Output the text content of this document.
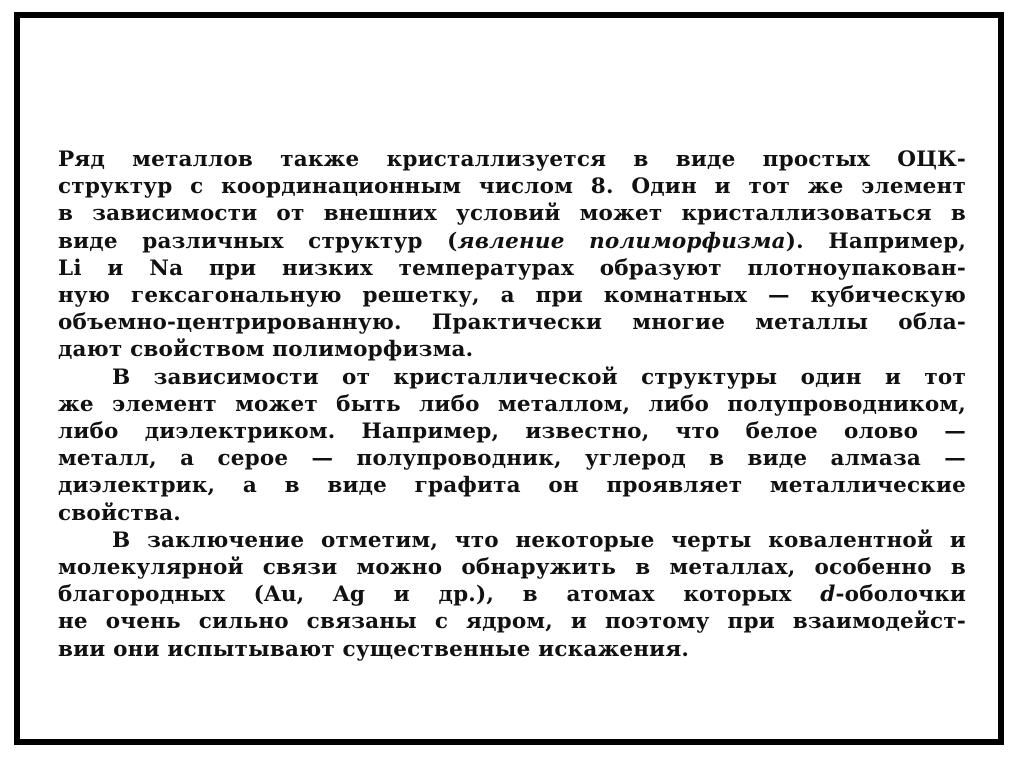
Ряд металлов также кристаллизуется в виде простых ОЦК-
структур с координационным числом 8. Один и тот же элемент
в зависимости от внешних условий может кристаллизоваться в
виде различных структур (явление полиморфизма). Например,
Li и Na при низких температурах образуют плотноупакован-
ную гексагональную решетку, а при комнатных — кубическую
объемно-центрированную. Практически многие металлы обла-
дают свойством полиморфизма.

В зависимости от кристаллической структуры один и тот
же элемент может быть либо металлом, либо полупроводником,
либо диэлектриком. Например, известно, что белое олово —
металл, а серое — полупроводник, углерод в виде алмаза —
диэлектрик, а в виде графита он проявляет металлические
свойства.

В заключение отметим, что некоторые черты ковалентной и
молекулярной связи можно обнаружить в металлах, особенно в
благородных (Au, Ag и др.), в атомах которых d-оболочки
не очень сильно связаны с ядром, и поэтому при взаимодейст-
вии они испытывают существенные искажения.
